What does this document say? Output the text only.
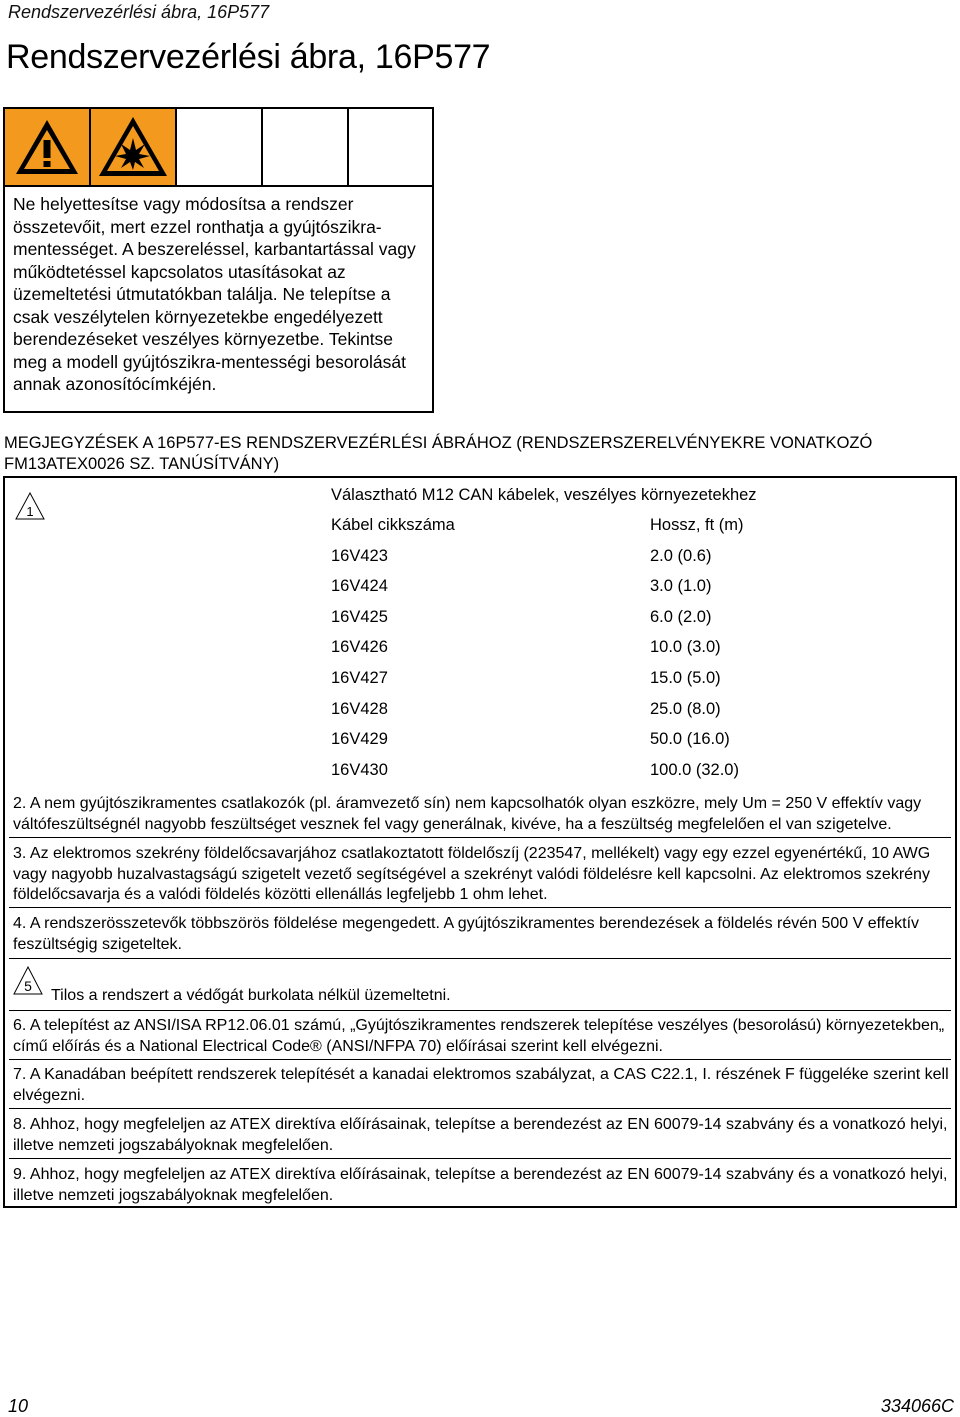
Rendszervezérlési ábra, 16P577
Rendszervezérlési ábra, 16P577
Ne helyettesítse vagy módosítsa a rendszer összetevőit, mert ezzel ronthatja a gyújtószikra-mentességet. A beszereléssel, karbantartással vagy működtetéssel kapcsolatos utasításokat az üzemeltetési útmutatókban találja. Ne telepítse a csak veszélytelen környezetekbe engedélyezett berendezéseket veszélyes környezetbe. Tekintse meg a modell gyújtószikra-mentességi besorolását annak azonosítócímkéjén.
MEGJEGYZÉSEK A 16P577-ES RENDSZERVEZÉRLÉSI ÁBRÁHOZ (RENDSZERSZERELVÉNYEKRE VONATKOZÓ FM13ATEX0026 SZ. TANÚSÍTVÁNY)
1
Választható M12 CAN kábelek, veszélyes környezetekhez
Kábel cikkszáma	Hossz, ft (m)
16V423	2.0 (0.6)
16V424	3.0 (1.0)
16V425	6.0 (2.0)
16V426	10.0 (3.0)
16V427	15.0 (5.0)
16V428	25.0 (8.0)
16V429	50.0 (16.0)
16V430	100.0 (32.0)
2. A nem gyújtószikramentes csatlakozók (pl. áramvezető sín) nem kapcsolhatók olyan eszközre, mely Um = 250 V effektív vagy váltófeszültségnél nagyobb feszültséget vesznek fel vagy generálnak, kivéve, ha a feszültség megfelelően el van szigetelve.
3. Az elektromos szekrény földelőcsavarjához csatlakoztatott földelőszíj (223547, mellékelt) vagy egy ezzel egyenértékű, 10 AWG vagy nagyobb huzalvastagságú szigetelt vezető segítségével a szekrényt valódi földelésre kell kapcsolni. Az elektromos szekrény földelőcsavarja és a valódi földelés közötti ellenállás legfeljebb 1 ohm lehet.
4. A rendszerösszetevők többszörös földelése megengedett. A gyújtószikramentes berendezések a földelés révén 500 V effektív feszültségig szigeteltek.
5
Tilos a rendszert a védőgát burkolata nélkül üzemeltetni.
6. A telepítést az ANSI/ISA RP12.06.01 számú, „Gyújtószikramentes rendszerek telepítése veszélyes (besorolású) környezetekben„ című előírás és a National Electrical Code® (ANSI/NFPA 70) előírásai szerint kell elvégezni.
7. A Kanadában beépített rendszerek telepítését a kanadai elektromos szabályzat, a CAS C22.1, I. részének F függeléke szerint kell elvégezni.
8. Ahhoz, hogy megfeleljen az ATEX direktíva előírásainak, telepítse a berendezést az EN 60079-14 szabvány és a vonatkozó helyi, illetve nemzeti jogszabályoknak megfelelően.
9. Ahhoz, hogy megfeleljen az ATEX direktíva előírásainak, telepítse a berendezést az EN 60079-14 szabvány és a vonatkozó helyi, illetve nemzeti jogszabályoknak megfelelően.
10	334066C
